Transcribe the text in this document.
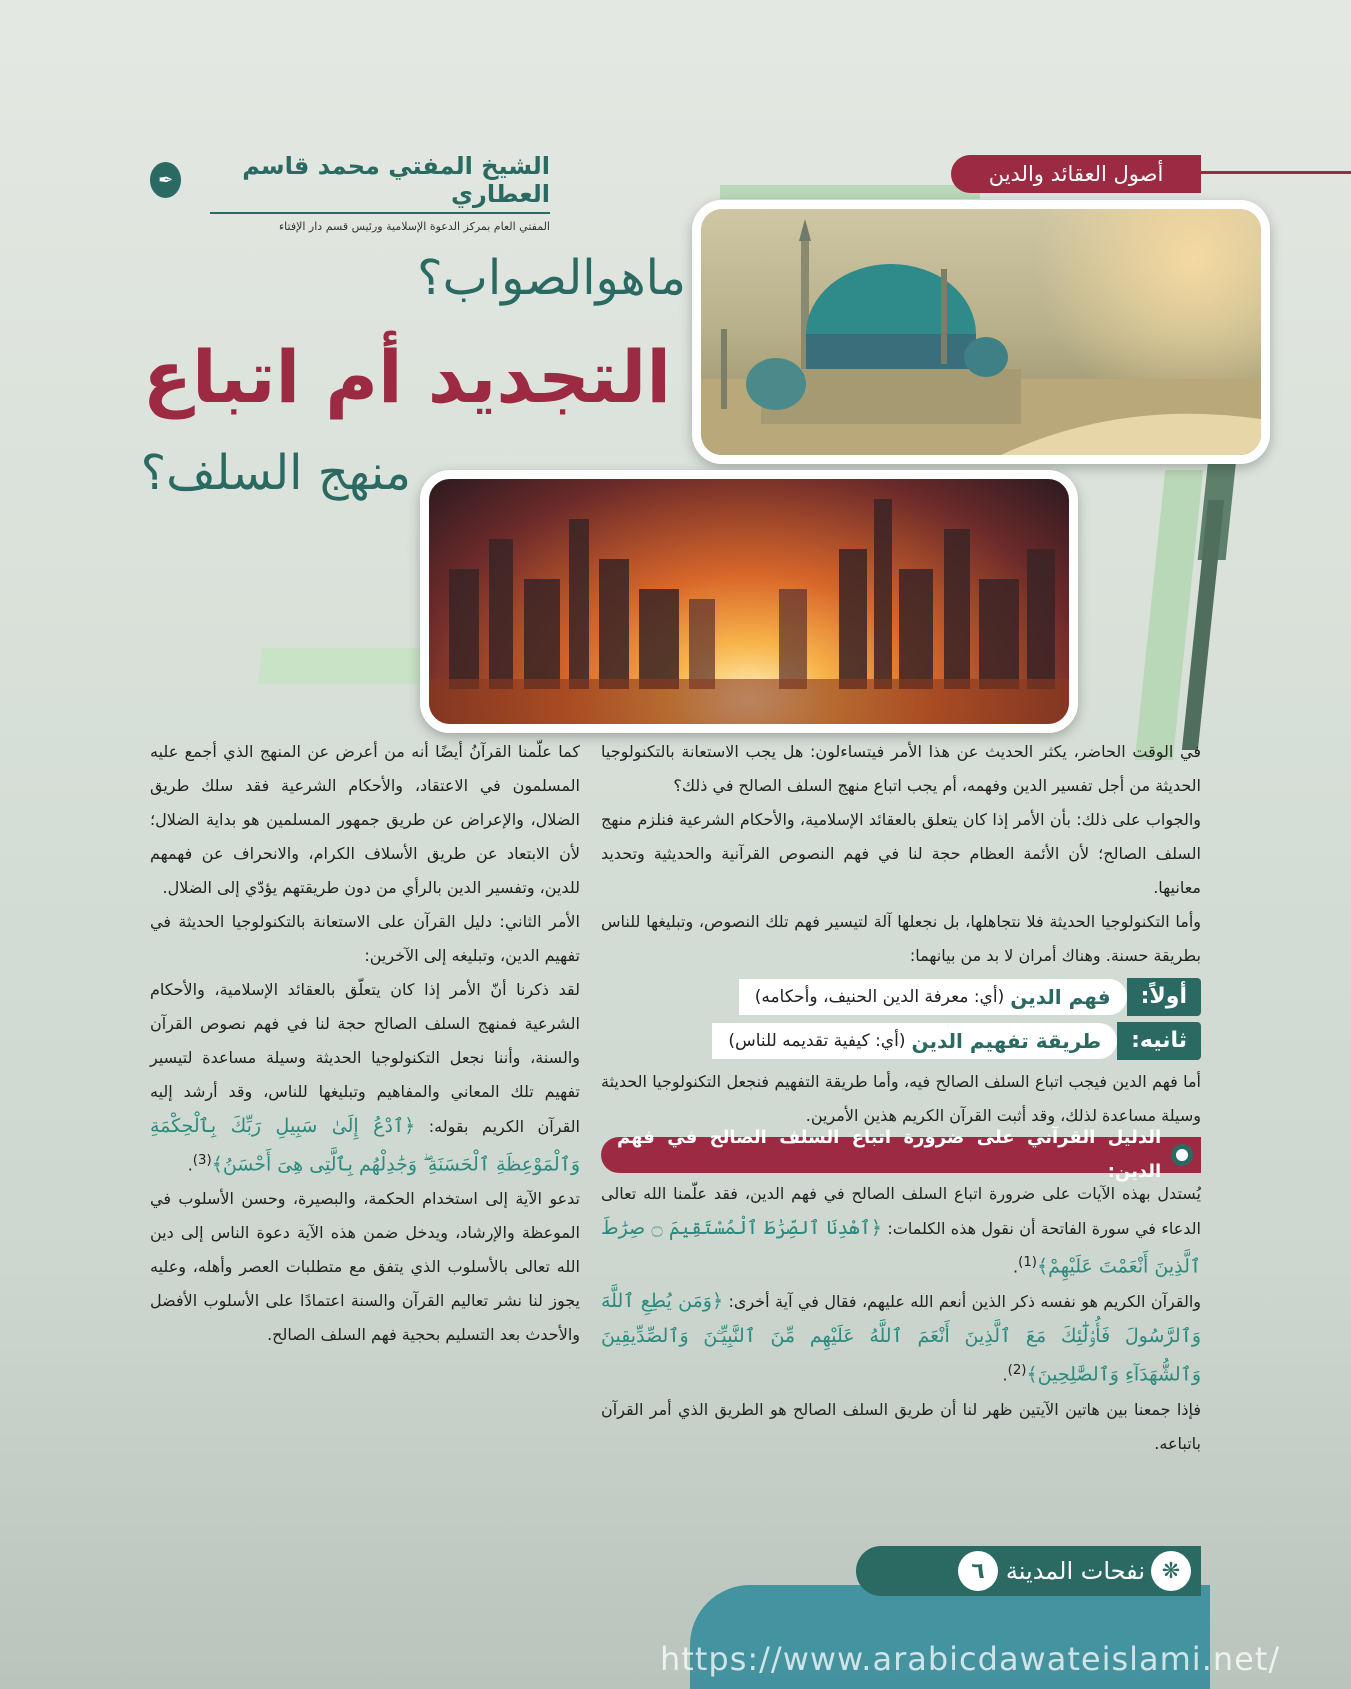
أصول العقائد والدين
الشيخ المفتي محمد قاسم العطاري
✒
المفتي العام بمركز الدعوة الإسلامية ورئيس قسم دار الإفتاء
ماهوالصواب؟
التجديد أم اتباع
منهج السلف؟

في الوقت الحاضر، يكثر الحديث عن هذا الأمر فيتساءلون: هل يجب الاستعانة بالتكنولوجيا الحديثة من أجل تفسير الدين وفهمه، أم يجب اتباع منهج السلف الصالح في ذلك؟

والجواب على ذلك: بأن الأمر إذا كان يتعلق بالعقائد الإسلامية، والأحكام الشرعية فنلزم منهج السلف الصالح؛ لأن الأئمة العظام حجة لنا في فهم النصوص القرآنية والحديثية وتحديد معانيها.

وأما التكنولوجيا الحديثة فلا نتجاهلها، بل نجعلها آلة لتيسير فهم تلك النصوص، وتبليغها للناس بطريقة حسنة. وهناك أمران لا بد من بيانهما:

أولاً:
فهم الدين
(أي: معرفة الدين الحنيف، وأحكامه)
ثانيه:
طريقة تفهيم الدين
(أي: كيفية تقديمه للناس)

أما فهم الدين فيجب اتباع السلف الصالح فيه، وأما طريقة التفهيم فنجعل التكنولوجيا الحديثة وسيلة مساعدة لذلك، وقد أثبت القرآن الكريم هذين الأمرين.

الدليل القرآني على ضرورة اتباع السلف الصالح في فهم الدين:

يُستدل بهذه الآيات على ضرورة اتباع السلف الصالح في فهم الدين، فقد علّمنا الله تعالى الدعاء في سورة الفاتحة أن نقول هذه الكلمات: ﴿ٱهْدِنَا ٱلصِّرَٰطَ ٱلْمُسْتَقِيمَ ۝ صِرَٰطَ ٱلَّذِينَ أَنْعَمْتَ عَلَيْهِمْ﴾$^{(1)}$.

والقرآن الكريم هو نفسه ذكر الذين أنعم الله عليهم، فقال في آية أخرى: ﴿وَمَن يُطِعِ ٱللَّهَ وَٱلرَّسُولَ فَأُو۟لَٰٓئِكَ مَعَ ٱلَّذِينَ أَنْعَمَ ٱللَّهُ عَلَيْهِم مِّنَ ٱلنَّبِيِّـۧنَ وَٱلصِّدِّيقِينَ وَٱلشُّهَدَآءِ وَٱلصَّٰلِحِينَ﴾$^{(2)}$.

فإذا جمعنا بين هاتين الآيتين ظهر لنا أن طريق السلف الصالح هو الطريق الذي أمر القرآن باتباعه.

كما علّمنا القرآنُ أيضًا أنه من أعرض عن المنهج الذي أجمع عليه المسلمون في الاعتقاد، والأحكام الشرعية فقد سلك طريق الضلال، والإعراض عن طريق جمهور المسلمين هو بداية الضلال؛ لأن الابتعاد عن طريق الأسلاف الكرام، والانحراف عن فهمهم للدين، وتفسير الدين بالرأي من دون طريقتهم يؤدّي إلى الضلال.

الأمر الثاني: دليل القرآن على الاستعانة بالتكنولوجيا الحديثة في تفهيم الدين، وتبليغه إلى الآخرين:

لقد ذكرنا أنّ الأمر إذا كان يتعلّق بالعقائد الإسلامية، والأحكام الشرعية فمنهج السلف الصالح حجة لنا في فهم نصوص القرآن والسنة، وأننا نجعل التكنولوجيا الحديثة وسيلة مساعدة لتيسير تفهيم تلك المعاني والمفاهيم وتبليغها للناس، وقد أرشد إليه القرآن الكريم بقوله: ﴿ٱدْعُ إِلَىٰ سَبِيلِ رَبِّكَ بِٱلْحِكْمَةِ وَٱلْمَوْعِظَةِ ٱلْحَسَنَةِ ۖ وَجَٰدِلْهُم بِٱلَّتِى هِىَ أَحْسَنُ﴾$^{(3)}$.

تدعو الآية إلى استخدام الحكمة، والبصيرة، وحسن الأسلوب في الموعظة والإرشاد، ويدخل ضمن هذه الآية دعوة الناس إلى دين الله تعالى بالأسلوب الذي يتفق مع متطلبات العصر وأهله، وعليه يجوز لنا نشر تعاليم القرآن والسنة اعتمادًا على الأسلوب الأفضل والأحدث بعد التسليم بحجية فهم السلف الصالح.

❋
نفحات المدينة
٦
https://www.arabicdawateislami.net/
